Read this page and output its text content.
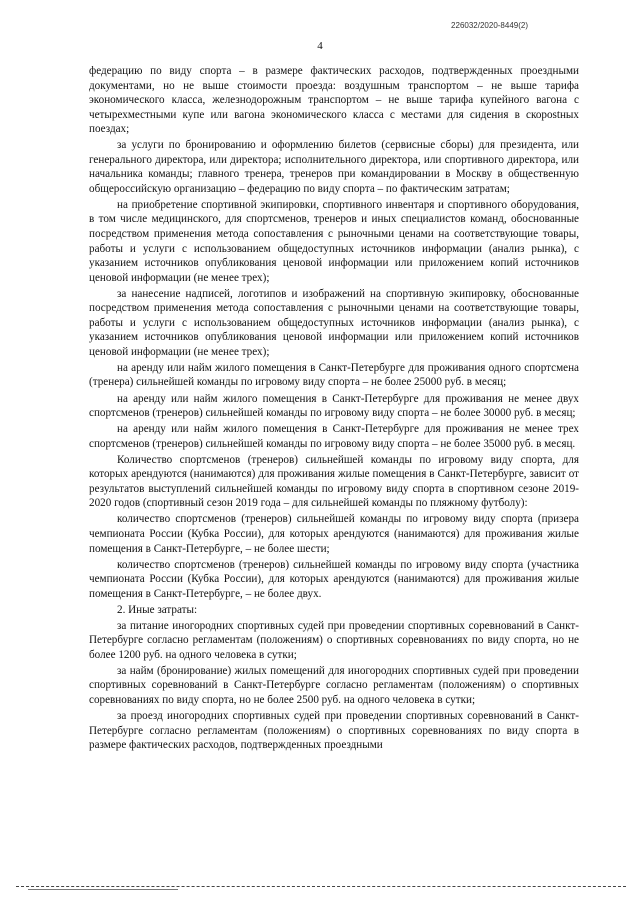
226032/2020-8449(2)
4

федерацию по виду спорта – в размере фактических расходов, подтвержденных проездными документами, но не выше стоимости проезда: воздушным транспортом – не выше тарифа экономического класса, железнодорожным транспортом – не выше тарифа купейного вагона с четырехместными купе или вагона экономического класса с местами для сидения в скорostных поездах;

за услуги по бронированию и оформлению билетов (сервисные сборы) для президента, или генерального директора, или директора; исполнительного директора, или спортивного директора, или начальника команды; главного тренера, тренеров при командировании в Москву в общественную общероссийскую организацию – федерацию по виду спорта – по фактическим затратам;

на приобретение спортивной экипировки, спортивного инвентаря и спортивного оборудования, в том числе медицинского, для спортсменов, тренеров и иных специалистов команд, обоснованные посредством применения метода сопоставления с рыночными ценами на соответствующие товары, работы и услуги с использованием общедоступных источников информации (анализ рынка), с указанием источников опубликования ценовой информации или приложением копий источников ценовой информации (не менее трех);

за нанесение надписей, логотипов и изображений на спортивную экипировку, обоснованные посредством применения метода сопоставления с рыночными ценами на соответствующие товары, работы и услуги с использованием общедоступных источников информации (анализ рынка), с указанием источников опубликования ценовой информации или приложением копий источников ценовой информации (не менее трех);

на аренду или найм жилого помещения в Санкт-Петербурге для проживания одного спортсмена (тренера) сильнейшей команды по игровому виду спорта – не более 25000 руб. в месяц;

на аренду или найм жилого помещения в Санкт-Петербурге для проживания не менее двух спортсменов (тренеров) сильнейшей команды по игровому виду спорта – не более 30000 руб. в месяц;

на аренду или найм жилого помещения в Санкт-Петербурге для проживания не менее трех спортсменов (тренеров) сильнейшей команды по игровому виду спорта – не более 35000 руб. в месяц.

Количество спортсменов (тренеров) сильнейшей команды по игровому виду спорта, для которых арендуются (нанимаются) для проживания жилые помещения в Санкт-Петербурге, зависит от результатов выступлений сильнейшей команды по игровому виду спорта в спортивном сезоне 2019-2020 годов (спортивный сезон 2019 года – для сильнейшей команды по пляжному футболу):

количество спортсменов (тренеров) сильнейшей команды по игровому виду спорта (призера чемпионата России (Кубка России), для которых арендуются (нанимаются) для проживания жилые помещения в Санкт-Петербурге, – не более шести;

количество спортсменов (тренеров) сильнейшей команды по игровому виду спорта (участника чемпионата России (Кубка России), для которых арендуются (нанимаются) для проживания жилые помещения в Санкт-Петербурге, – не более двух.

2. Иные затраты:

за питание иногородних спортивных судей при проведении спортивных соревнований в Санкт-Петербурге согласно регламентам (положениям) о спортивных соревнованиях по виду спорта, но не более 1200 руб. на одного человека в сутки;

за найм (бронирование) жилых помещений для иногородних спортивных судей при проведении спортивных соревнований в Санкт-Петербурге согласно регламентам (положениям) о спортивных соревнованиях по виду спорта, но не более 2500 руб. на одного человека в сутки;

за проезд иногородних спортивных судей при проведении спортивных соревнований в Санкт-Петербурге согласно регламентам (положениям) о спортивных соревнованиях по виду спорта в размере фактических расходов, подтвержденных проездными
